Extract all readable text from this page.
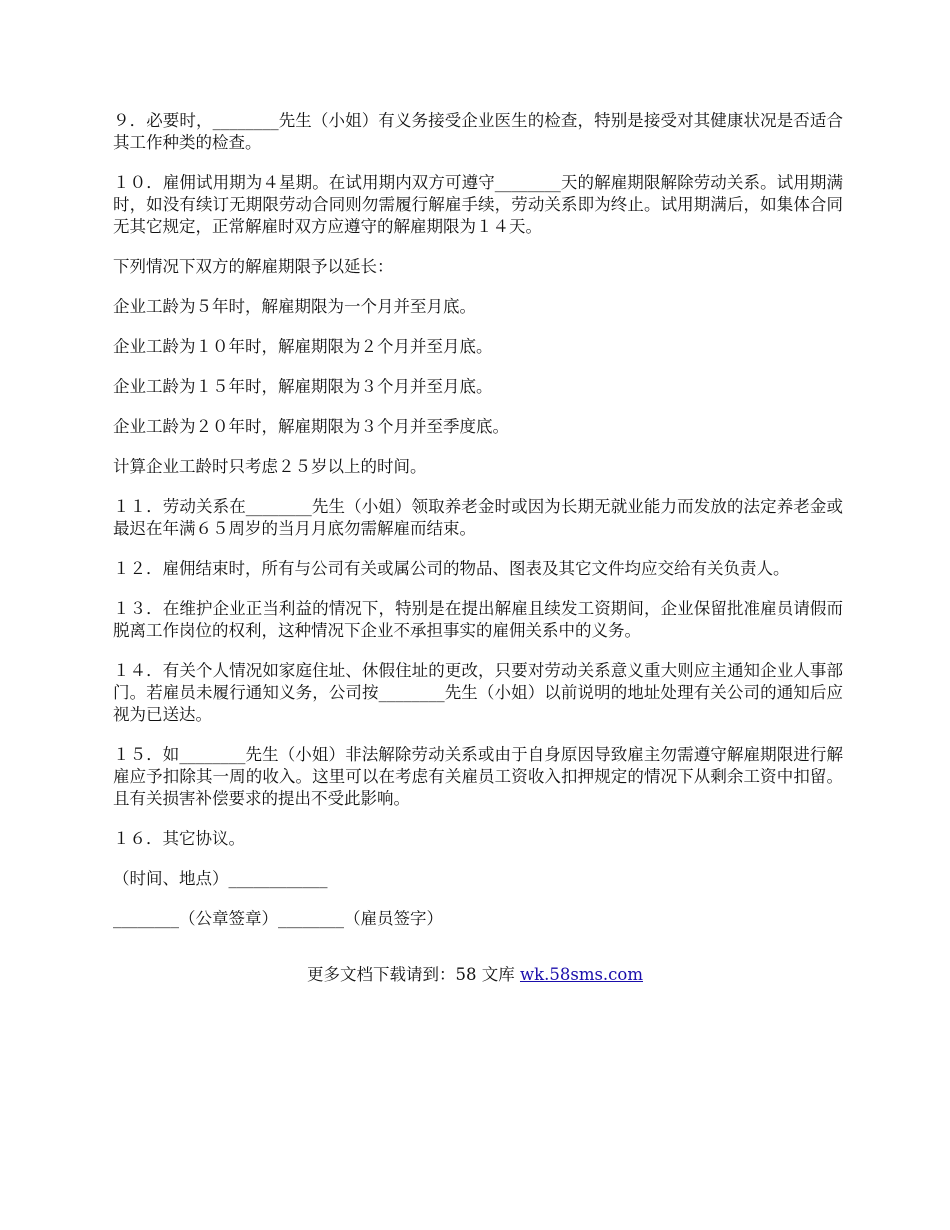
９．必要时，________先生（小姐）有义务接受企业医生的检查，特别是接受对其健康状况是否适合其工作种类的检查。

１０．雇佣试用期为４星期。在试用期内双方可遵守________天的解雇期限解除劳动关系。试用期满时，如没有续订无期限劳动合同则勿需履行解雇手续，劳动关系即为终止。试用期满后，如集体合同无其它规定，正常解雇时双方应遵守的解雇期限为１４天。

下列情况下双方的解雇期限予以延长：

企业工龄为５年时，解雇期限为一个月并至月底。

企业工龄为１０年时，解雇期限为２个月并至月底。

企业工龄为１５年时，解雇期限为３个月并至月底。

企业工龄为２０年时，解雇期限为３个月并至季度底。

计算企业工龄时只考虑２５岁以上的时间。

１１．劳动关系在________先生（小姐）领取养老金时或因为长期无就业能力而发放的法定养老金或最迟在年满６５周岁的当月月底勿需解雇而结束。

１２．雇佣结束时，所有与公司有关或属公司的物品、图表及其它文件均应交给有关负责人。

１３．在维护企业正当利益的情况下，特别是在提出解雇且续发工资期间，企业保留批准雇员请假而脱离工作岗位的权利，这种情况下企业不承担事实的雇佣关系中的义务。

１４．有关个人情况如家庭住址、休假住址的更改，只要对劳动关系意义重大则应主通知企业人事部门。若雇员未履行通知义务，公司按________先生（小姐）以前说明的地址处理有关公司的通知后应视为已送达。

１５．如________先生（小姐）非法解除劳动关系或由于自身原因导致雇主勿需遵守解雇期限进行解雇应予扣除其一周的收入。这里可以在考虑有关雇员工资收入扣押规定的情况下从剩余工资中扣留。且有关损害补偿要求的提出不受此影响。

１６．其它协议。

（时间、地点）____________

________（公章签章）________（雇员签字）

更多文档下载请到：58 文库 wk.58sms.com
